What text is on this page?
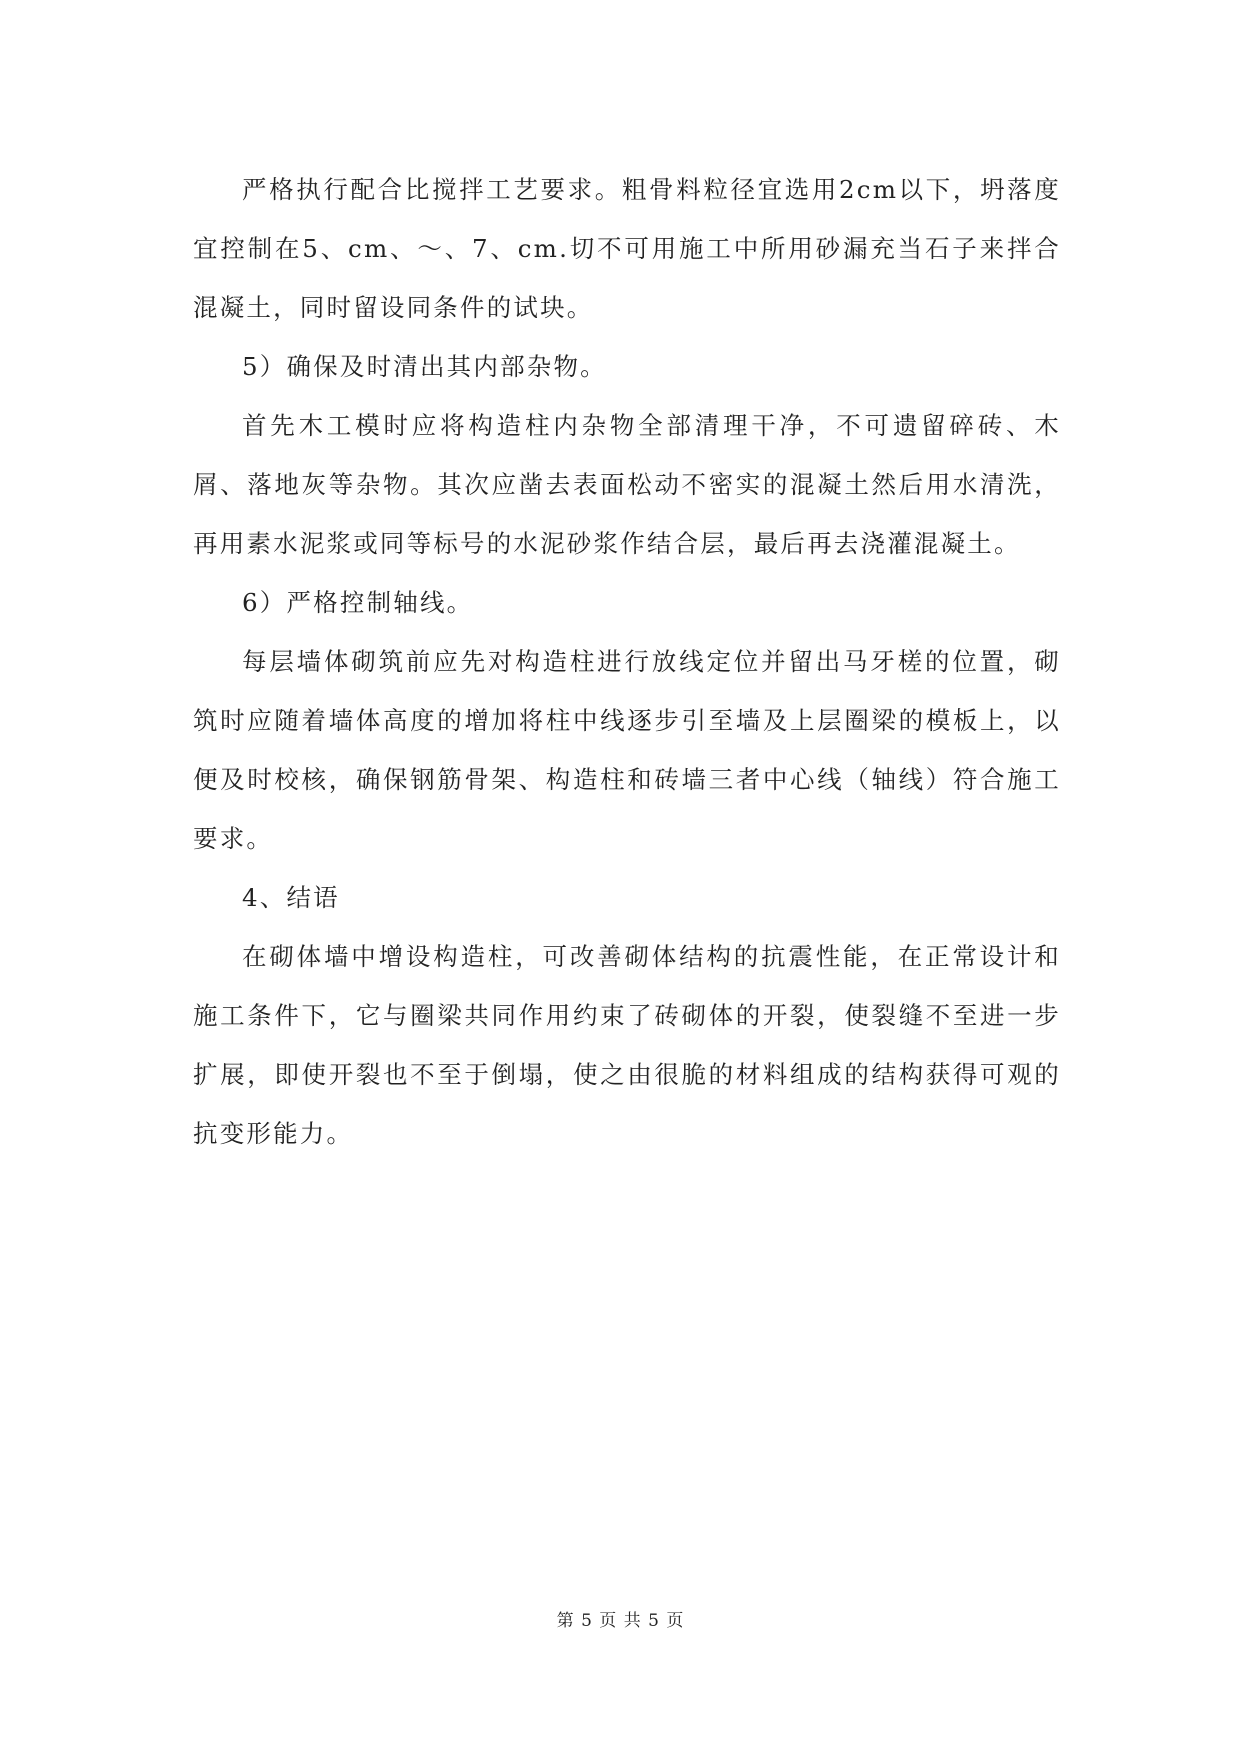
严格执行配合比搅拌工艺要求。粗骨料粒径宜选用2cm以下，坍落度宜控制在5、cm、～、7、cm.切不可用施工中所用砂漏充当石子来拌合混凝土，同时留设同条件的试块。

5）确保及时清出其内部杂物。

首先木工模时应将构造柱内杂物全部清理干净，不可遗留碎砖、木屑、落地灰等杂物。其次应凿去表面松动不密实的混凝土然后用水清洗，再用素水泥浆或同等标号的水泥砂浆作结合层，最后再去浇灌混凝土。

6）严格控制轴线。

每层墙体砌筑前应先对构造柱进行放线定位并留出马牙槎的位置，砌筑时应随着墙体高度的增加将柱中线逐步引至墙及上层圈梁的模板上，以便及时校核，确保钢筋骨架、构造柱和砖墙三者中心线（轴线）符合施工要求。

4、结语

在砌体墙中增设构造柱，可改善砌体结构的抗震性能，在正常设计和施工条件下，它与圈梁共同作用约束了砖砌体的开裂，使裂缝不至进一步扩展，即使开裂也不至于倒塌，使之由很脆的材料组成的结构获得可观的抗变形能力。

第 5 页 共 5 页
